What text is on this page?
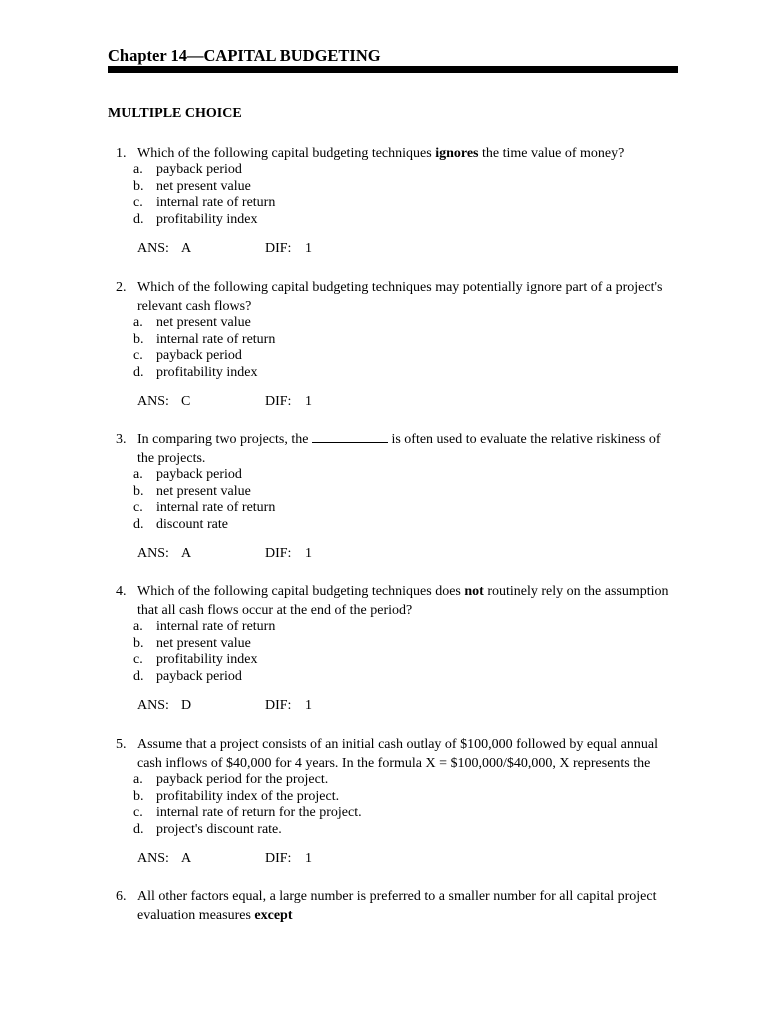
Chapter 14—CAPITAL BUDGETING
MULTIPLE CHOICE
1. Which of the following capital budgeting techniques ignores the time value of money?
a. payback period
b. net present value
c. internal rate of return
d. profitability index
ANS: A	DIF: 1
2. Which of the following capital budgeting techniques may potentially ignore part of a project's relevant cash flows?
a. net present value
b. internal rate of return
c. payback period
d. profitability index
ANS: C	DIF: 1
3. In comparing two projects, the	is often used to evaluate the relative riskiness of the projects.
a. payback period
b. net present value
c. internal rate of return
d. discount rate
ANS: A	DIF: 1
4. Which of the following capital budgeting techniques does not routinely rely on the assumption that all cash flows occur at the end of the period?
a. internal rate of return
b. net present value
c. profitability index
d. payback period
ANS: D	DIF: 1
5. Assume that a project consists of an initial cash outlay of $100,000 followed by equal annual cash inflows of $40,000 for 4 years. In the formula X = $100,000/$40,000, X represents the
a. payback period for the project.
b. profitability index of the project.
c. internal rate of return for the project.
d. project's discount rate.
ANS: A	DIF: 1
6. All other factors equal, a large number is preferred to a smaller number for all capital project evaluation measures except
